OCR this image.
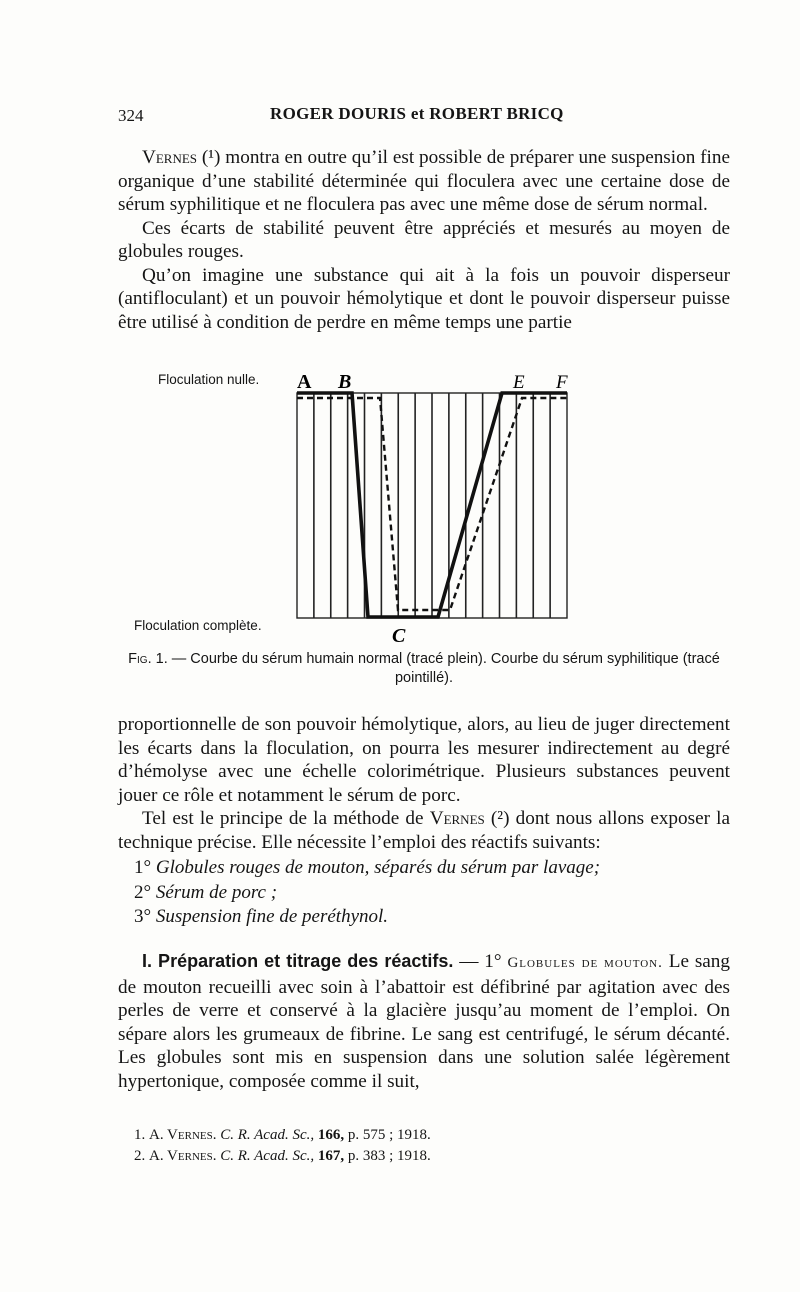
324	ROGER DOURIS et ROBERT BRICQ

Vernes (¹) montra en outre qu’il est possible de préparer une suspension fine organique d’une stabilité déterminée qui floculera avec une certaine dose de sérum syphilitique et ne floculera pas avec une même dose de sérum normal.

Ces écarts de stabilité peuvent être appréciés et mesurés au moyen de globules rouges.

Qu’on imagine une substance qui ait à la fois un pouvoir disperseur (antifloculant) et un pouvoir hémolytique et dont le pouvoir disperseur puisse être utilisé à condition de perdre en même temps une partie

Floculation nulle.
Floculation complète.
A B
C
E F
Fig. 1. — Courbe du sérum humain normal (tracé plein). Courbe du sérum syphilitique (tracé pointillé).

proportionnelle de son pouvoir hémolytique, alors, au lieu de juger directement les écarts dans la floculation, on pourra les mesurer indirectement au degré d’hémolyse avec une échelle colorimétrique. Plusieurs substances peuvent jouer ce rôle et notamment le sérum de porc.

Tel est le principe de la méthode de Vernes (²) dont nous allons exposer la technique précise. Elle nécessite l’emploi des réactifs suivants:

1° Globules rouges de mouton, séparés du sérum par lavage;
2° Sérum de porc ;
3° Suspension fine de peréthynol.

I. Préparation et titrage des réactifs. — 1° Globules de mouton. Le sang de mouton recueilli avec soin à l’abattoir est défibriné par agitation avec des perles de verre et conservé à la glacière jusqu’au moment de l’emploi. On sépare alors les grumeaux de fibrine. Le sang est centrifugé, le sérum décanté. Les globules sont mis en suspension dans une solution salée légèrement hypertonique, composée comme il suit,

1. A. Vernes. C. R. Acad. Sc., 166, p. 575 ; 1918.
2. A. Vernes. C. R. Acad. Sc., 167, p. 383 ; 1918.
